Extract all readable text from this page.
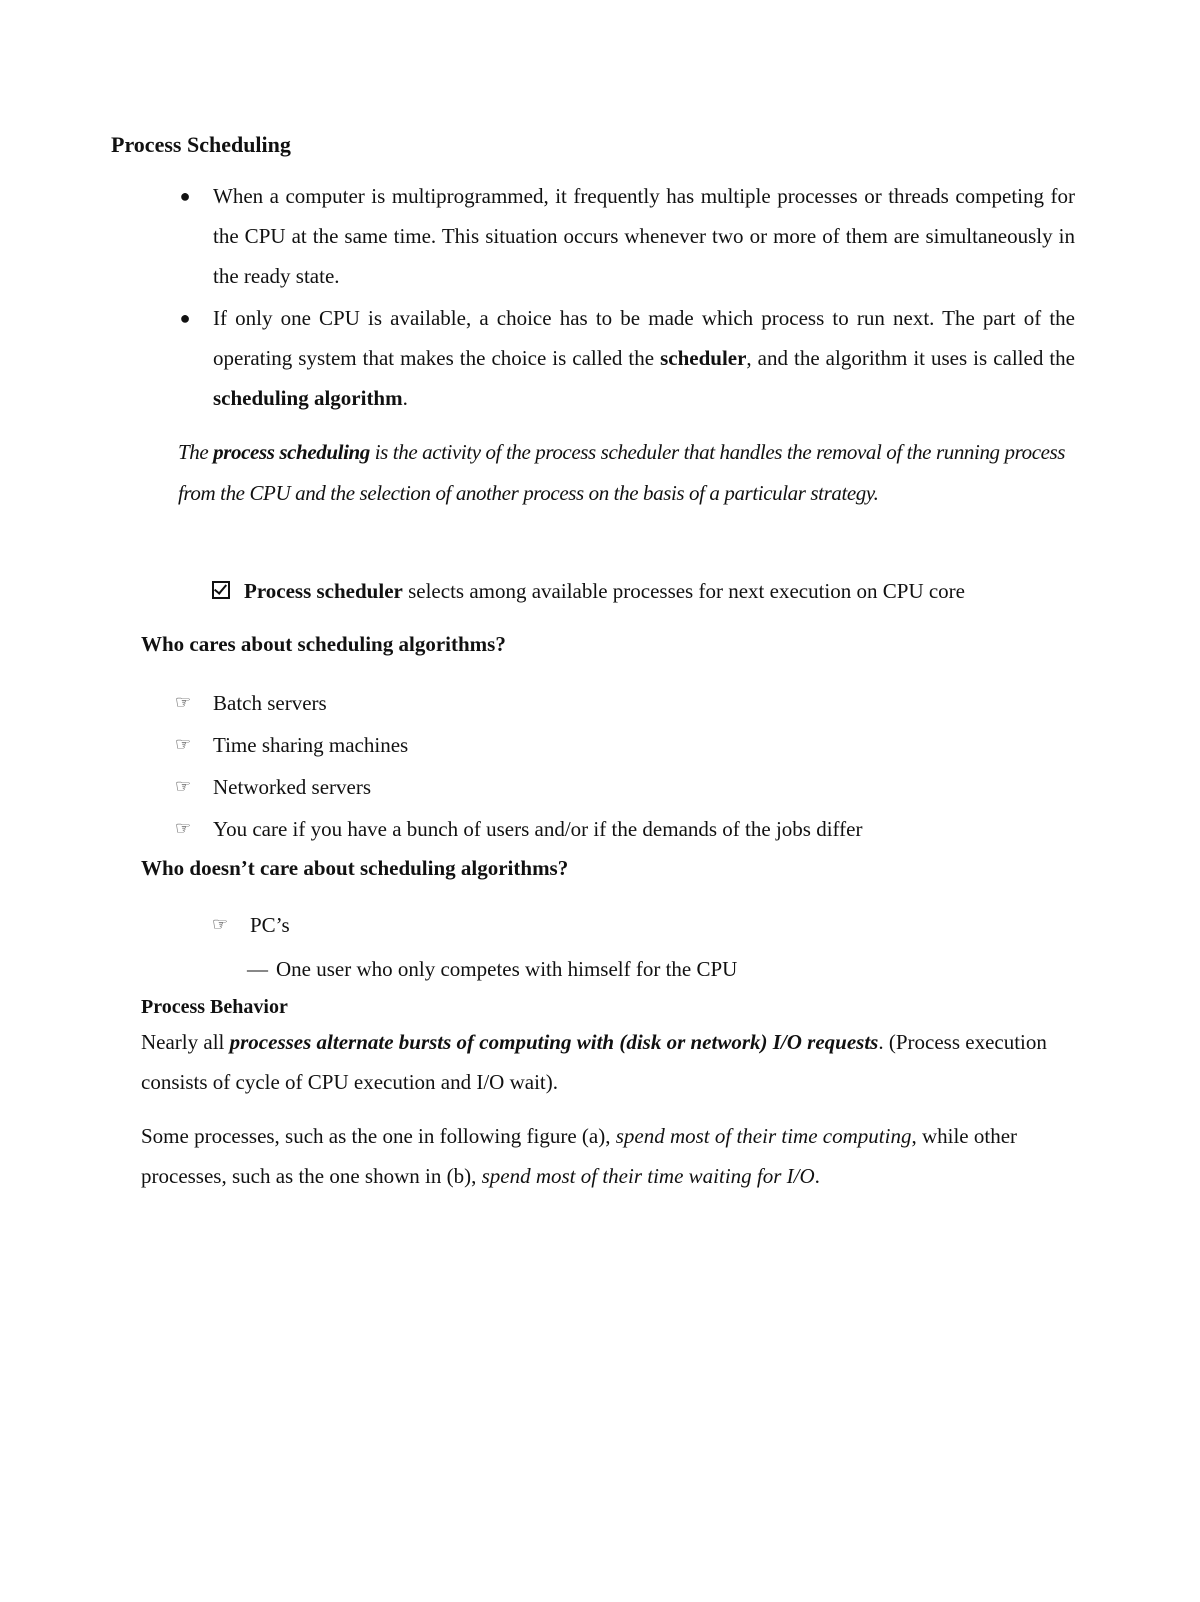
Process Scheduling
● When a computer is multiprogrammed, it frequently has multiple processes or threads competing for the CPU at the same time. This situation occurs whenever two or more of them are simultaneously in the ready state.
● If only one CPU is available, a choice has to be made which process to run next. The part of the operating system that makes the choice is called the scheduler, and the algorithm it uses is called the scheduling algorithm.
The process scheduling is the activity of the process scheduler that handles the removal of the running process from the CPU and the selection of another process on the basis of a particular strategy.
Process scheduler selects among available processes for next execution on CPU core
Who cares about scheduling algorithms?
☞ Batch servers
☞ Time sharing machines
☞ Networked servers
☞ You care if you have a bunch of users and/or if the demands of the jobs differ
Who doesn’t care about scheduling algorithms?
☞ PC’s
— One user who only competes with himself for the CPU
Process Behavior
Nearly all processes alternate bursts of computing with (disk or network) I/O requests. (Process execution consists of cycle of CPU execution and I/O wait).
Some processes, such as the one in following figure (a), spend most of their time computing, while other processes, such as the one shown in (b), spend most of their time waiting for I/O.
